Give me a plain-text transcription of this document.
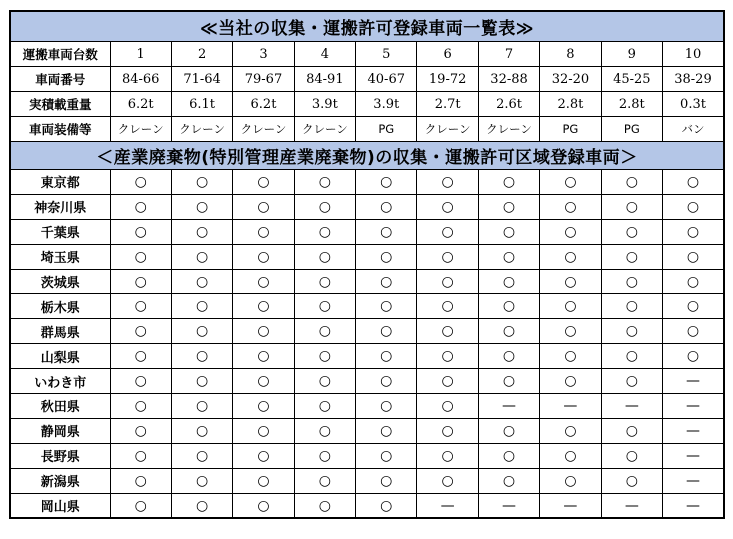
≪当社の収集・運搬許可登録車両一覧表≫										
運搬車両台数	1	2	3	4	5	6	7	8	9	10
車両番号	84-66	71-64	79-67	84-91	40-67	19-72	32-88	32-20	45-25	38-29
実積載重量	6.2t	6.1t	6.2t	3.9t	3.9t	2.7t	2.6t	2.8t	2.8t	0.3t
車両装備等	クレーン	クレーン	クレーン	クレーン	PG	クレーン	クレーン	PG	PG	バン
＜産業廃棄物(特別管理産業廃棄物)の収集・運搬許可区域登録車両＞										
東京都	○	○	○	○	○	○	○	○	○	○
神奈川県	○	○	○	○	○	○	○	○	○	○
千葉県	○	○	○	○	○	○	○	○	○	○
埼玉県	○	○	○	○	○	○	○	○	○	○
茨城県	○	○	○	○	○	○	○	○	○	○
栃木県	○	○	○	○	○	○	○	○	○	○
群馬県	○	○	○	○	○	○	○	○	○	○
山梨県	○	○	○	○	○	○	○	○	○	○
いわき市	○	○	○	○	○	○	○	○	○	—
秋田県	○	○	○	○	○	○	—	—	—	—
静岡県	○	○	○	○	○	○	○	○	○	—
長野県	○	○	○	○	○	○	○	○	○	—
新潟県	○	○	○	○	○	○	○	○	○	—
岡山県	○	○	○	○	○	—	—	—	—	—
